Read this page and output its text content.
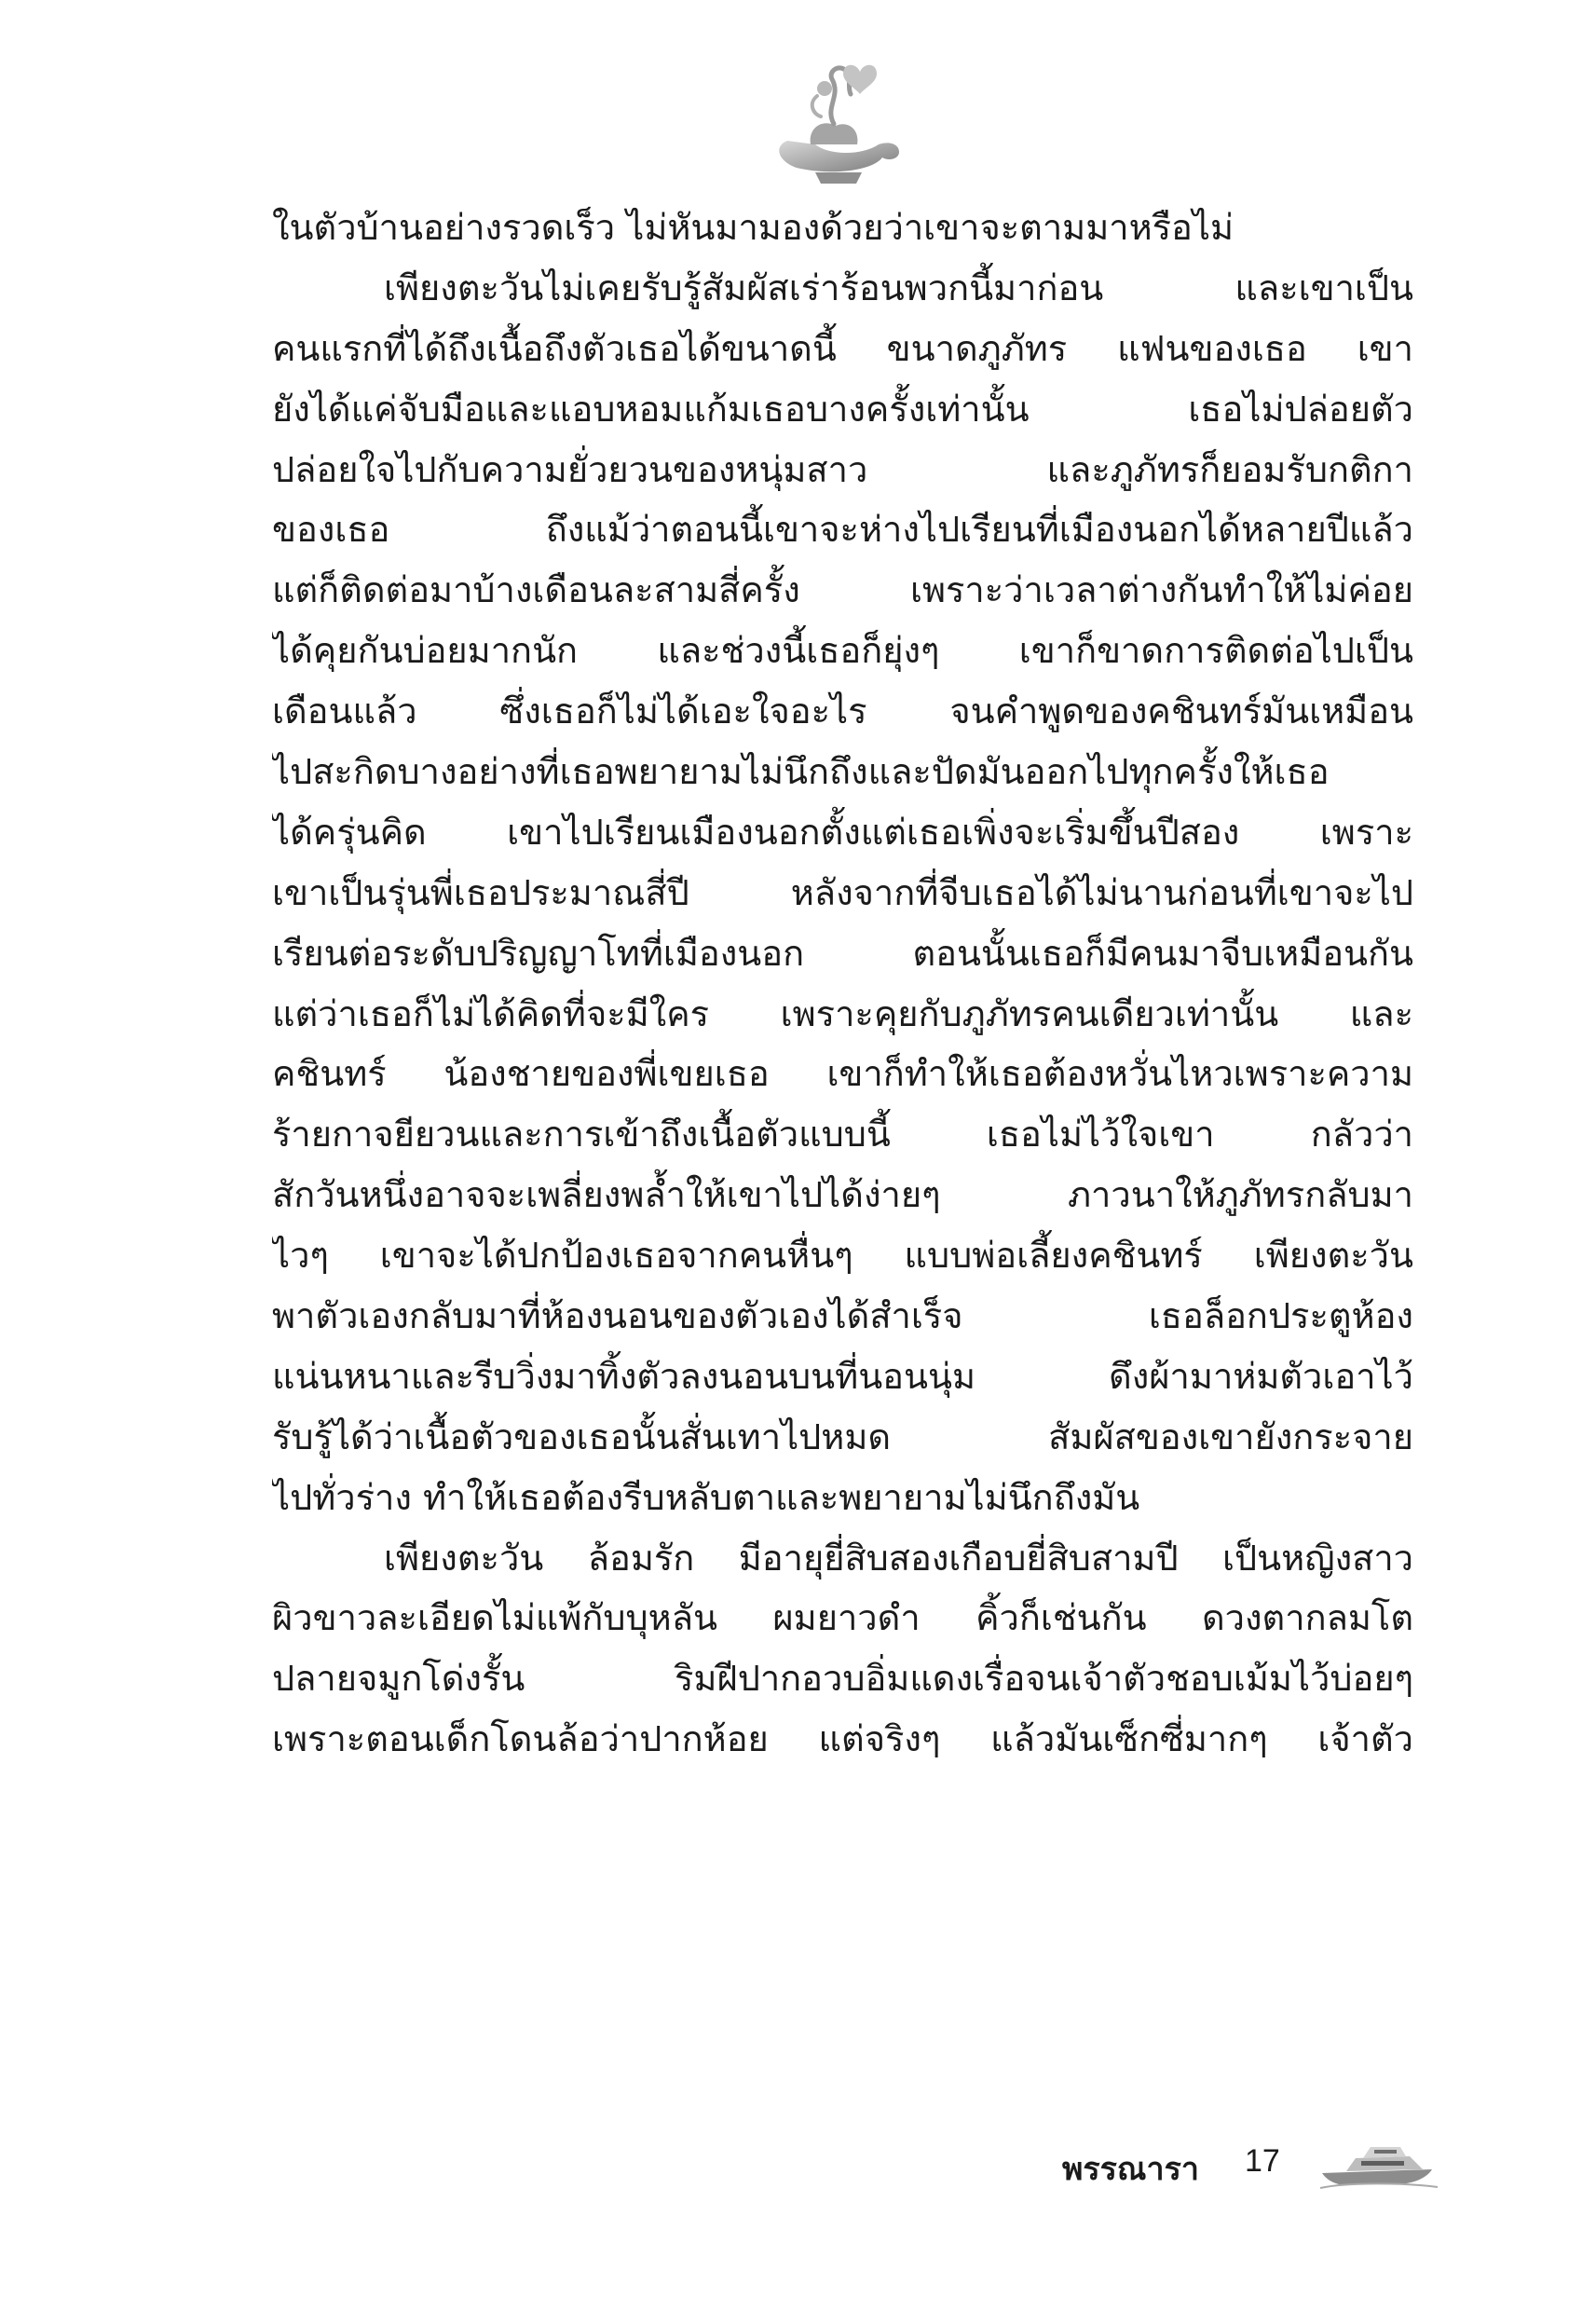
ในตัวบ้านอย่างรวดเร็ว ไม่หันมามองด้วยว่าเขาจะตามมาหรือไม่
เพียงตะวันไม่เคยรับรู้สัมผัสเร่าร้อนพวกนี้มาก่อน และเขาเป็น
คนแรกที่ได้ถึงเนื้อถึงตัวเธอได้ขนาดนี้ ขนาดภูภัทร แฟนของเธอ เขา
ยังได้แค่จับมือและแอบหอมแก้มเธอบางครั้งเท่านั้น เธอไม่ปล่อยตัว
ปล่อยใจไปกับความยั่วยวนของหนุ่มสาว และภูภัทรก็ยอมรับกติกา
ของเธอ ถึงแม้ว่าตอนนี้เขาจะห่างไปเรียนที่เมืองนอกได้หลายปีแล้ว
แต่ก็ติดต่อมาบ้างเดือนละสามสี่ครั้ง เพราะว่าเวลาต่างกันทำให้ไม่ค่อย
ได้คุยกันบ่อยมากนัก และช่วงนี้เธอก็ยุ่งๆ เขาก็ขาดการติดต่อไปเป็น
เดือนแล้ว ซึ่งเธอก็ไม่ได้เอะใจอะไร จนคำพูดของคชินทร์มันเหมือน
ไปสะกิดบางอย่างที่เธอพยายามไม่นึกถึงและปัดมันออกไปทุกครั้งให้เธอ
ได้ครุ่นคิด เขาไปเรียนเมืองนอกตั้งแต่เธอเพิ่งจะเริ่มขึ้นปีสอง เพราะ
เขาเป็นรุ่นพี่เธอประมาณสี่ปี หลังจากที่จีบเธอได้ไม่นานก่อนที่เขาจะไป
เรียนต่อระดับปริญญาโทที่เมืองนอก ตอนนั้นเธอก็มีคนมาจีบเหมือนกัน
แต่ว่าเธอก็ไม่ได้คิดที่จะมีใคร เพราะคุยกับภูภัทรคนเดียวเท่านั้น และ
คชินทร์ น้องชายของพี่เขยเธอ เขาก็ทำให้เธอต้องหวั่นไหวเพราะความ
ร้ายกาจยียวนและการเข้าถึงเนื้อตัวแบบนี้ เธอไม่ไว้ใจเขา กลัวว่า
สักวันหนึ่งอาจจะเพลี่ยงพล้ำให้เขาไปได้ง่ายๆ ภาวนาให้ภูภัทรกลับมา
ไวๆ เขาจะได้ปกป้องเธอจากคนหื่นๆ แบบพ่อเลี้ยงคชินทร์ เพียงตะวัน
พาตัวเองกลับมาที่ห้องนอนของตัวเองได้สำเร็จ เธอล็อกประตูห้อง
แน่นหนาและรีบวิ่งมาทิ้งตัวลงนอนบนที่นอนนุ่ม ดึงผ้ามาห่มตัวเอาไว้
รับรู้ได้ว่าเนื้อตัวของเธอนั้นสั่นเทาไปหมด สัมผัสของเขายังกระจาย
ไปทั่วร่าง ทำให้เธอต้องรีบหลับตาและพยายามไม่นึกถึงมัน
เพียงตะวัน ล้อมรัก มีอายุยี่สิบสองเกือบยี่สิบสามปี เป็นหญิงสาว
ผิวขาวละเอียดไม่แพ้กับบุหลัน ผมยาวดำ คิ้วก็เช่นกัน ดวงตากลมโต
ปลายจมูกโด่งรั้น ริมฝีปากอวบอิ่มแดงเรื่อจนเจ้าตัวชอบเม้มไว้บ่อยๆ
เพราะตอนเด็กโดนล้อว่าปากห้อย แต่จริงๆ แล้วมันเซ็กซี่มากๆ เจ้าตัว
พรรณารา 17
